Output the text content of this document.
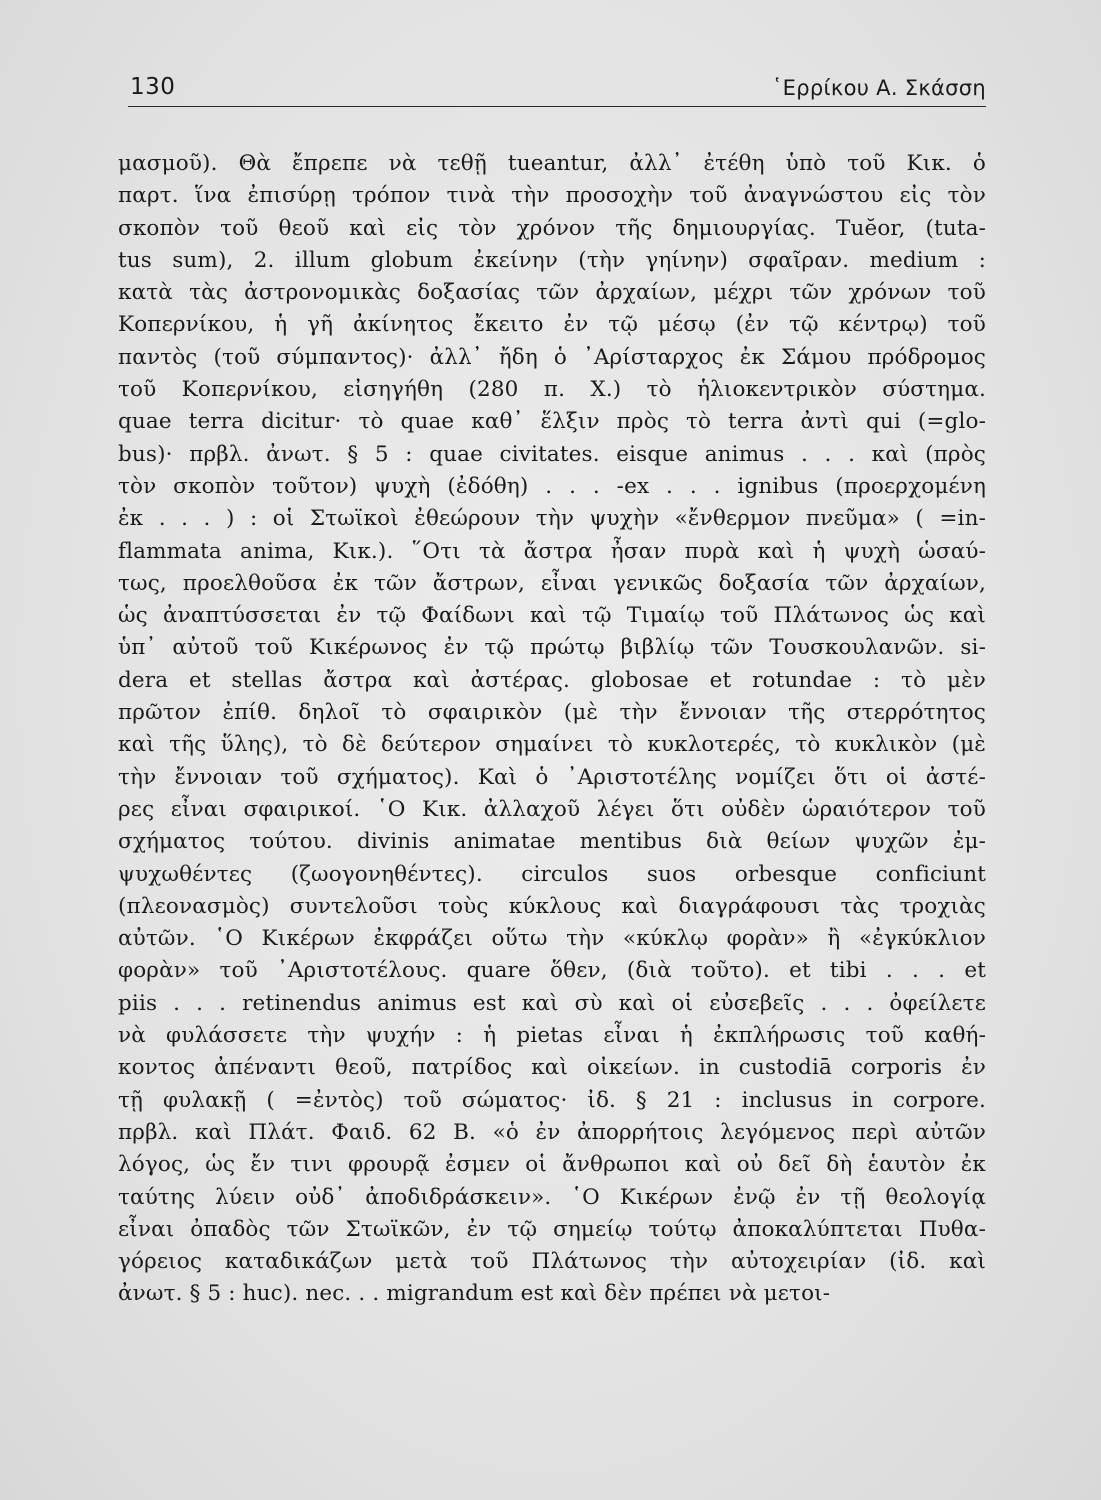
130	῾Ερρίκου Α. Σκάσση
μασμοῦ). Θὰ ἔπρεπε νὰ τεθῇ tueantur, ἀλλ᾿ ἐτέθη ὑπὸ τοῦ Κικ. ὁ
παρτ. ἵνα ἐπισύρῃ τρόπον τινὰ τὴν προσοχὴν τοῦ ἀναγνώστου εἰς τὸν
σκοπὸν τοῦ θεοῦ καὶ εἰς τὸν χρόνον τῆς δημιουργίας. Tuĕor, (tuta-
tus sum), 2. illum globum ἐκείνην (τὴν γηίνην) σφαῖραν. medium :
κατὰ τὰς ἀστρονομικὰς δοξασίας τῶν ἀρχαίων, μέχρι τῶν χρόνων τοῦ
Κοπερνίκου, ἡ γῆ ἀκίνητος ἔκειτο ἐν τῷ μέσῳ (ἐν τῷ κέντρῳ) τοῦ
παντὸς (τοῦ σύμπαντος)· ἀλλ᾿ ἤδη ὁ ᾿Αρίσταρχος ἐκ Σάμου πρόδρομος
τοῦ Κοπερνίκου, εἰσηγήθη (280 π. Χ.) τὸ ἡλιοκεντρικὸν σύστημα.
quae terra dicitur· τὸ quae καθ᾿ ἕλξιν πρὸς τὸ terra ἀντὶ qui (=glo-
bus)· πρβλ. ἀνωτ. § 5 : quae civitates. eisque animus . . . καὶ (πρὸς
τὸν σκοπὸν τοῦτον) ψυχὴ (ἐδόθη) . . . -ex . . . ignibus (προερχομένη
ἐκ . . . ) : οἱ Στωϊκοὶ ἐθεώρουν τὴν ψυχὴν «ἔνθερμον πνεῦμα» ( =in-
flammata anima, Κικ.). ῞Οτι τὰ ἄστρα ἦσαν πυρὰ καὶ ἡ ψυχὴ ὡσαύ-
τως, προελθοῦσα ἐκ τῶν ἄστρων, εἶναι γενικῶς δοξασία τῶν ἀρχαίων,
ὡς ἀναπτύσσεται ἐν τῷ Φαίδωνι καὶ τῷ Τιμαίῳ τοῦ Πλάτωνος ὡς καὶ
ὑπ᾿ αὐτοῦ τοῦ Κικέρωνος ἐν τῷ πρώτῳ βιβλίῳ τῶν Τουσκουλανῶν. si-
dera et stellas ἄστρα καὶ ἀστέρας. globosae et rotundae : τὸ μὲν
πρῶτον ἐπίθ. δηλοῖ τὸ σφαιρικὸν (μὲ τὴν ἔννοιαν τῆς στερρότητος
καὶ τῆς ὕλης), τὸ δὲ δεύτερον σημαίνει τὸ κυκλοτερές, τὸ κυκλικὸν (μὲ
τὴν ἔννοιαν τοῦ σχήματος). Καὶ ὁ ᾿Αριστοτέλης νομίζει ὅτι οἱ ἀστέ-
ρες εἶναι σφαιρικοί. ῾Ο Κικ. ἀλλαχοῦ λέγει ὅτι οὐδὲν ὡραιότερον τοῦ
σχήματος τούτου. divinis animatae mentibus διὰ θείων ψυχῶν ἐμ-
ψυχωθέντες (ζωογονηθέντες). circulos suos orbesque conficiunt
(πλεονασμὸς) συντελοῦσι τοὺς κύκλους καὶ διαγράφουσι τὰς τροχιὰς
αὐτῶν. ῾Ο Κικέρων ἐκφράζει οὕτω τὴν «κύκλῳ φορὰν» ἢ «ἐγκύκλιον
φορὰν» τοῦ ᾿Αριστοτέλους. quare ὅθεν, (διὰ τοῦτο). et tibi . . . et
piis . . . retinendus animus est καὶ σὺ καὶ οἱ εὐσεβεῖς . . . ὀφείλετε
νὰ φυλάσσετε τὴν ψυχήν : ἡ pietas εἶναι ἡ ἐκπλήρωσις τοῦ καθή-
κοντος ἀπέναντι θεοῦ, πατρίδος καὶ οἰκείων. in custodiā corporis ἐν
τῇ φυλακῇ ( =ἐντὸς) τοῦ σώματος· ἰδ. § 21 : inclusus in corpore.
πρβλ. καὶ Πλάτ. Φαιδ. 62 Β. «ὁ ἐν ἀπορρήτοις λεγόμενος περὶ αὐτῶν
λόγος, ὡς ἔν τινι φρουρᾷ ἐσμεν οἱ ἄνθρωποι καὶ οὐ δεῖ δὴ ἑαυτὸν ἐκ
ταύτης λύειν οὐδ᾿ ἀποδιδράσκειν». ῾Ο Κικέρων ἐνῷ ἐν τῇ θεολογίᾳ
εἶναι ὀπαδὸς τῶν Στωϊκῶν, ἐν τῷ σημείῳ τούτῳ ἀποκαλύπτεται Πυθα-
γόρειος καταδικάζων μετὰ τοῦ Πλάτωνος τὴν αὐτοχειρίαν (ἰδ. καὶ
ἀνωτ. § 5 : huc). nec. . . migrandum est καὶ δὲν πρέπει νὰ μετοι-
